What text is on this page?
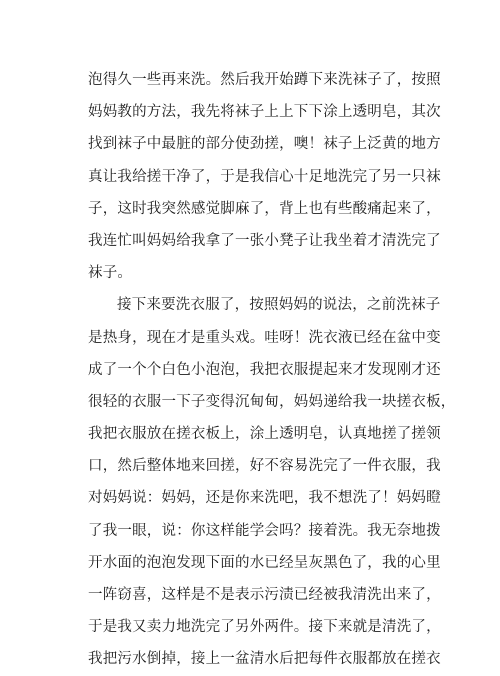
泡得久一些再来洗。然后我开始蹲下来洗袜子了，按照
妈妈教的方法，我先将袜子上上下下涂上透明皂，其次
找到袜子中最脏的部分使劲搓，噢！袜子上泛黄的地方
真让我给搓干净了，于是我信心十足地洗完了另一只袜
子，这时我突然感觉脚麻了，背上也有些酸痛起来了，
我连忙叫妈妈给我拿了一张小凳子让我坐着才清洗完了
袜子。
接下来要洗衣服了，按照妈妈的说法，之前洗袜子
是热身，现在才是重头戏。哇呀！洗衣液已经在盆中变
成了一个个白色小泡泡，我把衣服提起来才发现刚才还
很轻的衣服一下子变得沉甸甸，妈妈递给我一块搓衣板，
我把衣服放在搓衣板上，涂上透明皂，认真地搓了搓领
口，然后整体地来回搓，好不容易洗完了一件衣服，我
对妈妈说：妈妈，还是你来洗吧，我不想洗了！妈妈瞪
了我一眼，说：你这样能学会吗？接着洗。我无奈地拨
开水面的泡泡发现下面的水已经呈灰黑色了，我的心里
一阵窃喜，这样是不是表示污渍已经被我清洗出来了，
于是我又卖力地洗完了另外两件。接下来就是清洗了，
我把污水倒掉，接上一盆清水后把每件衣服都放在搓衣
